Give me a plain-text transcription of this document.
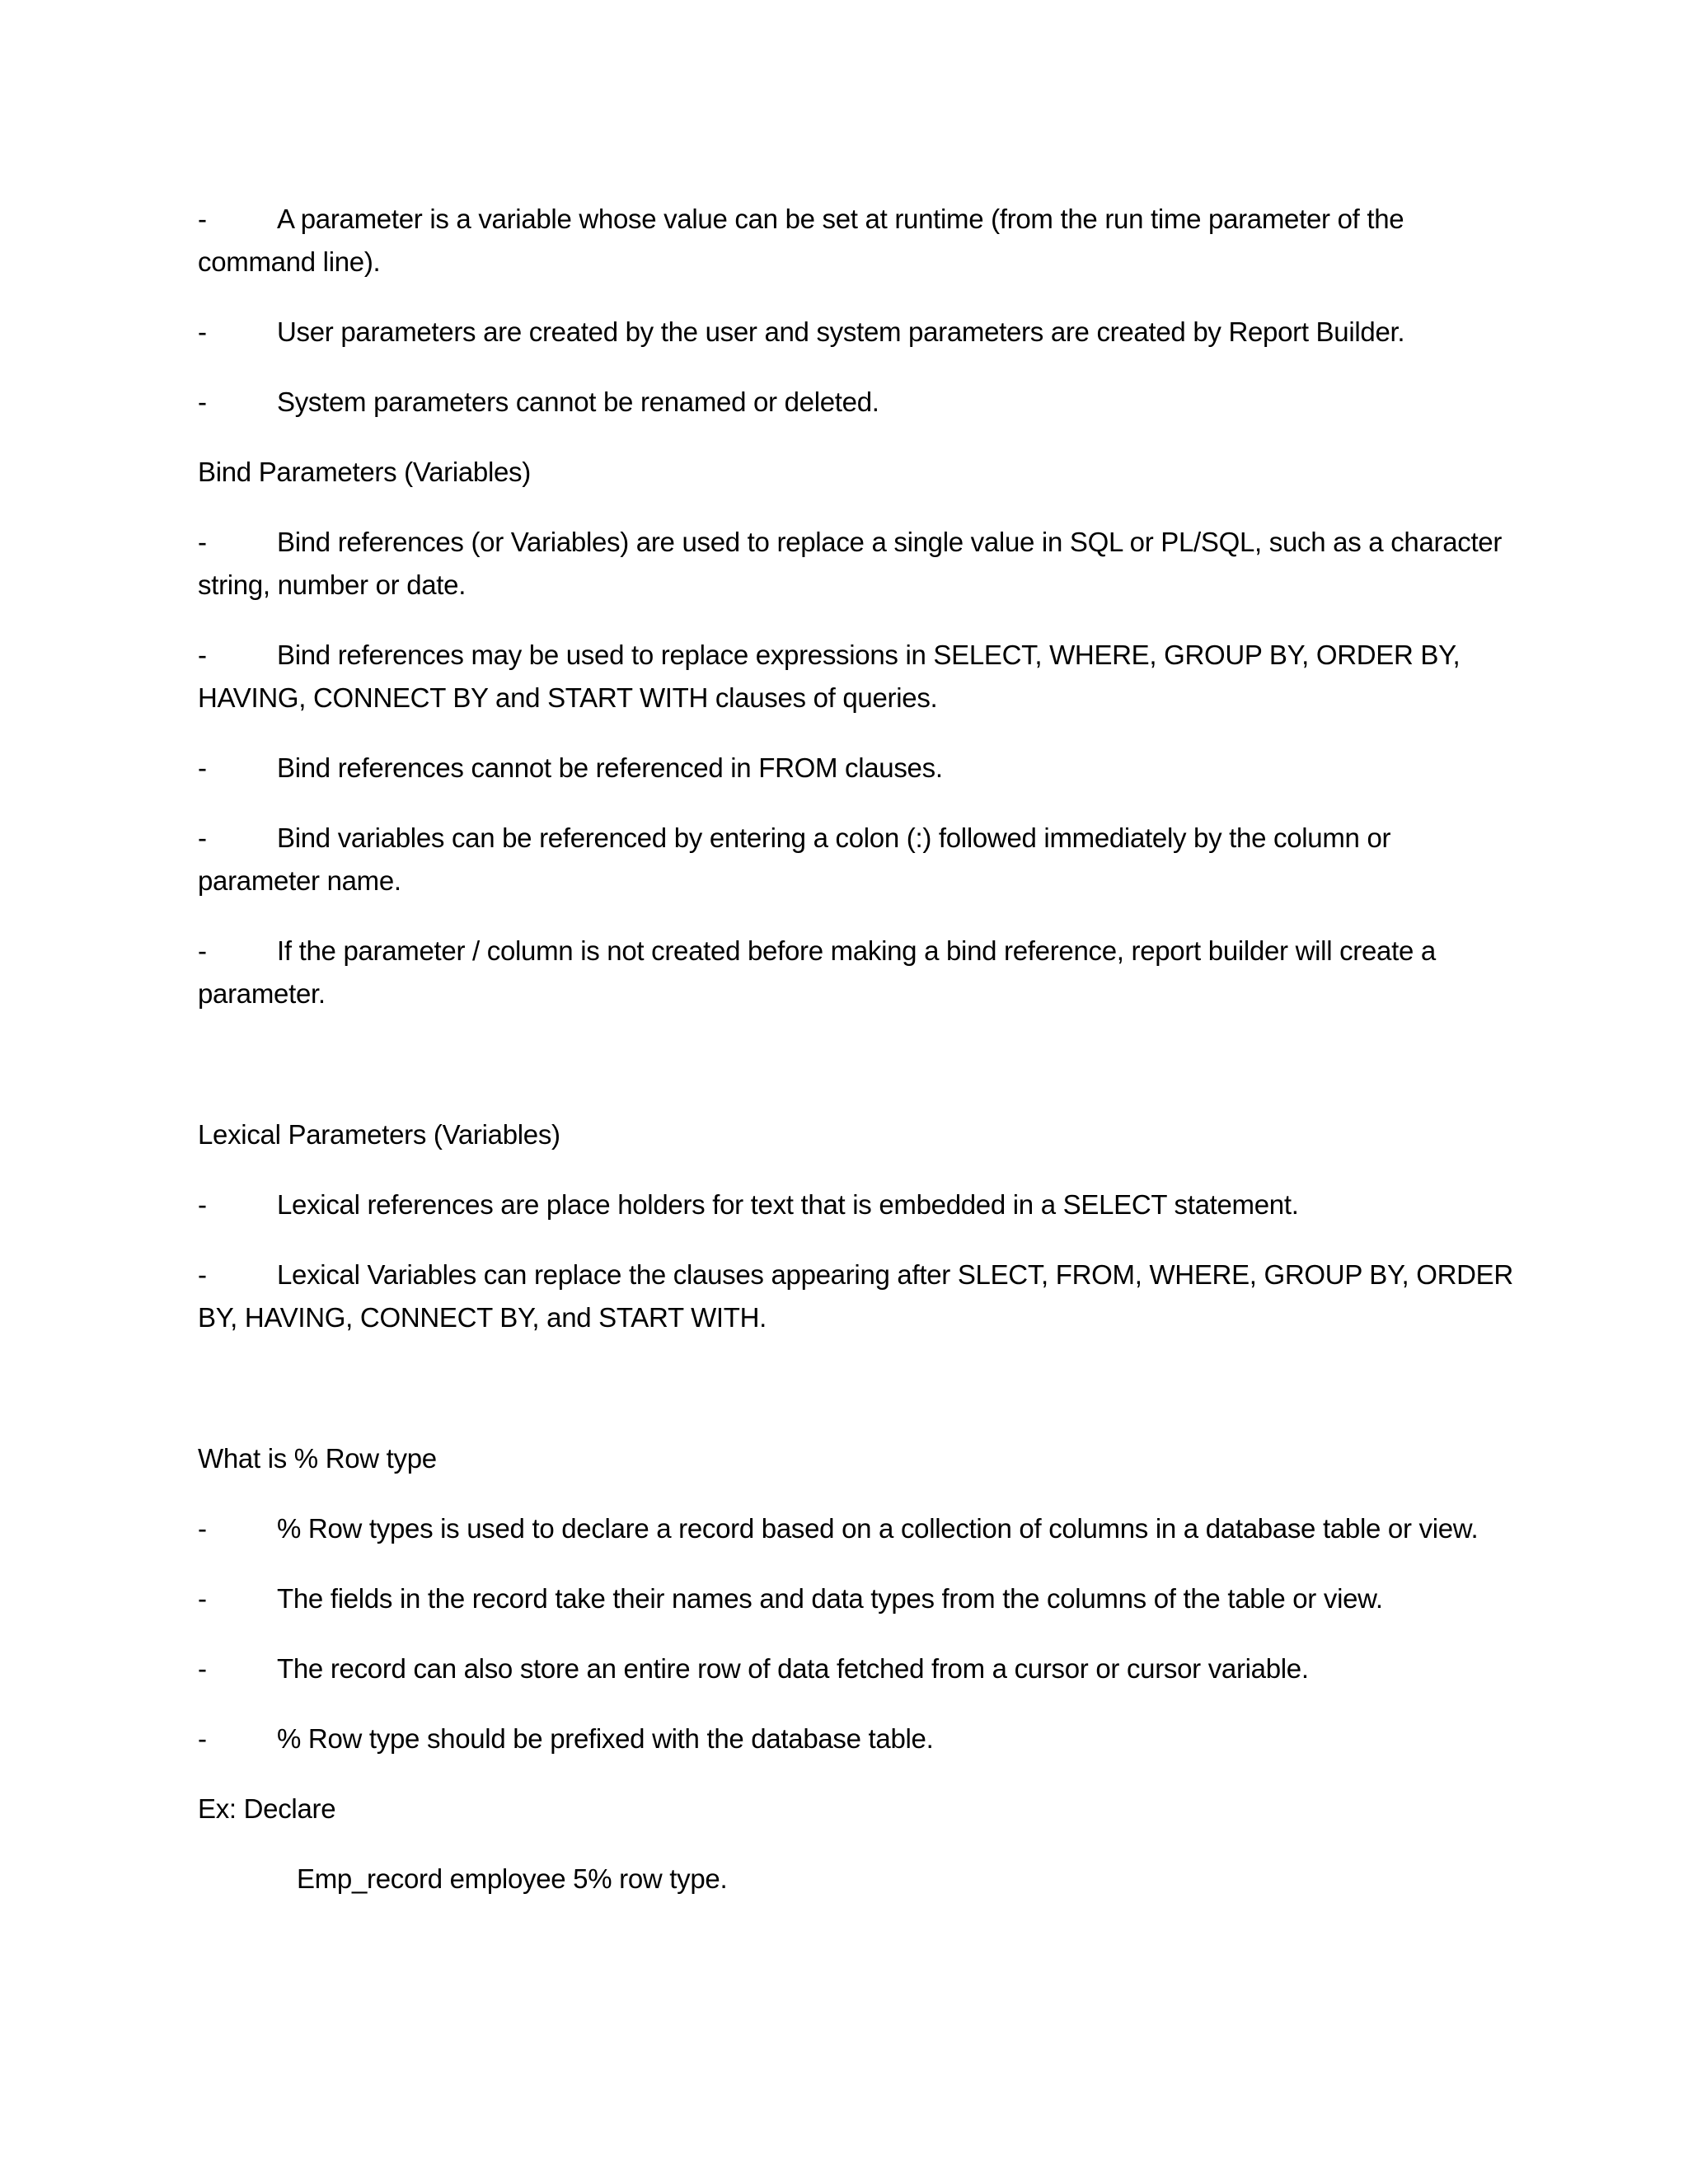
-	A parameter is a variable whose value can be set at runtime (from the run time parameter of the command line).
-	User parameters are created by the user and system parameters are created by Report Builder.
-	System parameters cannot be renamed or deleted.
Bind Parameters (Variables)
-	Bind references (or Variables) are used to replace a single value in SQL or PL/SQL, such as a character string, number or date.
-	Bind references may be used to replace expressions in SELECT, WHERE, GROUP BY, ORDER BY, HAVING, CONNECT BY and START WITH clauses of queries.
-	Bind references cannot be referenced in FROM clauses.
-	Bind variables can be referenced by entering a colon (:) followed immediately by the column or parameter name.
-	If the parameter / column is not created before making a bind reference, report builder will create a parameter.
Lexical Parameters (Variables)
-	Lexical references are place holders for text that is embedded in a SELECT statement.
-	Lexical Variables can replace the clauses appearing after SLECT, FROM, WHERE, GROUP BY, ORDER BY, HAVING, CONNECT BY, and START WITH.
What is % Row type
-	% Row types is used to declare a record based on a collection of columns in a database table or view.
-	The fields in the record take their names and data types from the columns of the table or view.
-	The record can also store an entire row of data fetched from a cursor or cursor variable.
-	% Row type should be prefixed with the database table.
Ex: Declare
Emp_record employee 5% row type.
